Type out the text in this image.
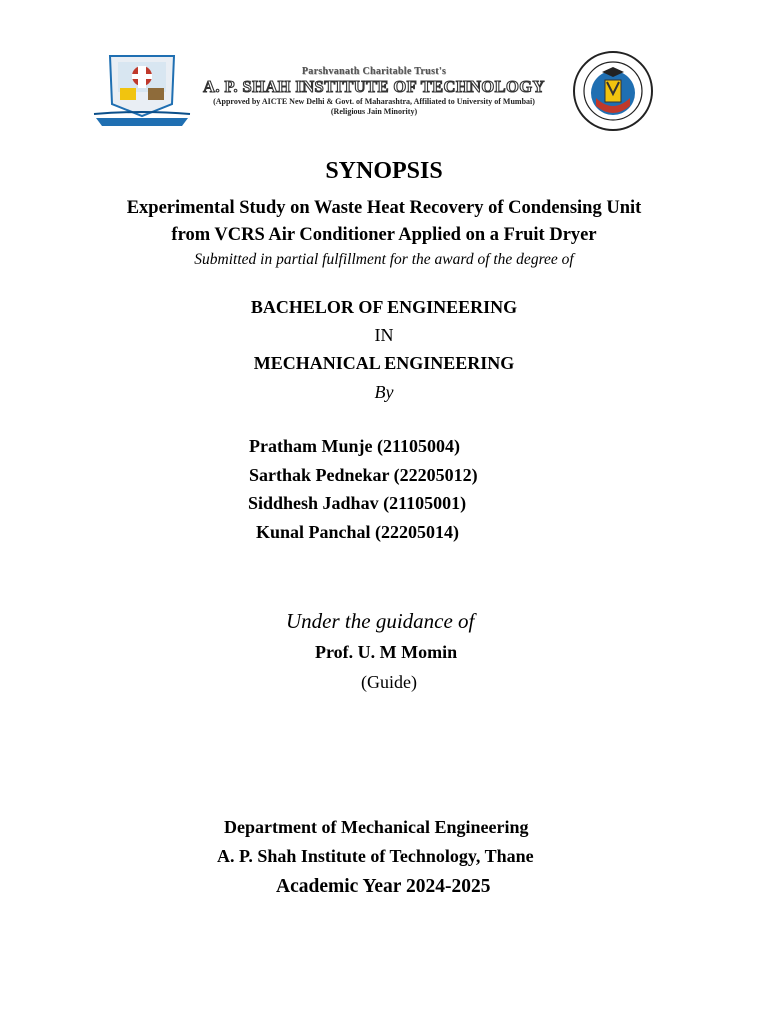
Parshvanath Charitable Trust's
A. P. SHAH INSTITUTE OF TECHNOLOGY
(Approved by AICTE New Delhi & Govt. of Maharashtra, Affiliated to University of Mumbai)
(Religious Jain Minority)
SYNOPSIS
Experimental Study on Waste Heat Recovery of Condensing Unit
from VCRS Air Conditioner Applied on a Fruit Dryer
Submitted in partial fulfillment for the award of the degree of
BACHELOR OF ENGINEERING
IN
MECHANICAL ENGINEERING
By
Pratham Munje (21105004)
Sarthak Pednekar (22205012)
Siddhesh Jadhav (21105001)
Kunal Panchal (22205014)
Under the guidance of
Prof. U. M Momin
(Guide)
Department of Mechanical Engineering
A. P. Shah Institute of Technology, Thane
Academic Year 2024-2025
